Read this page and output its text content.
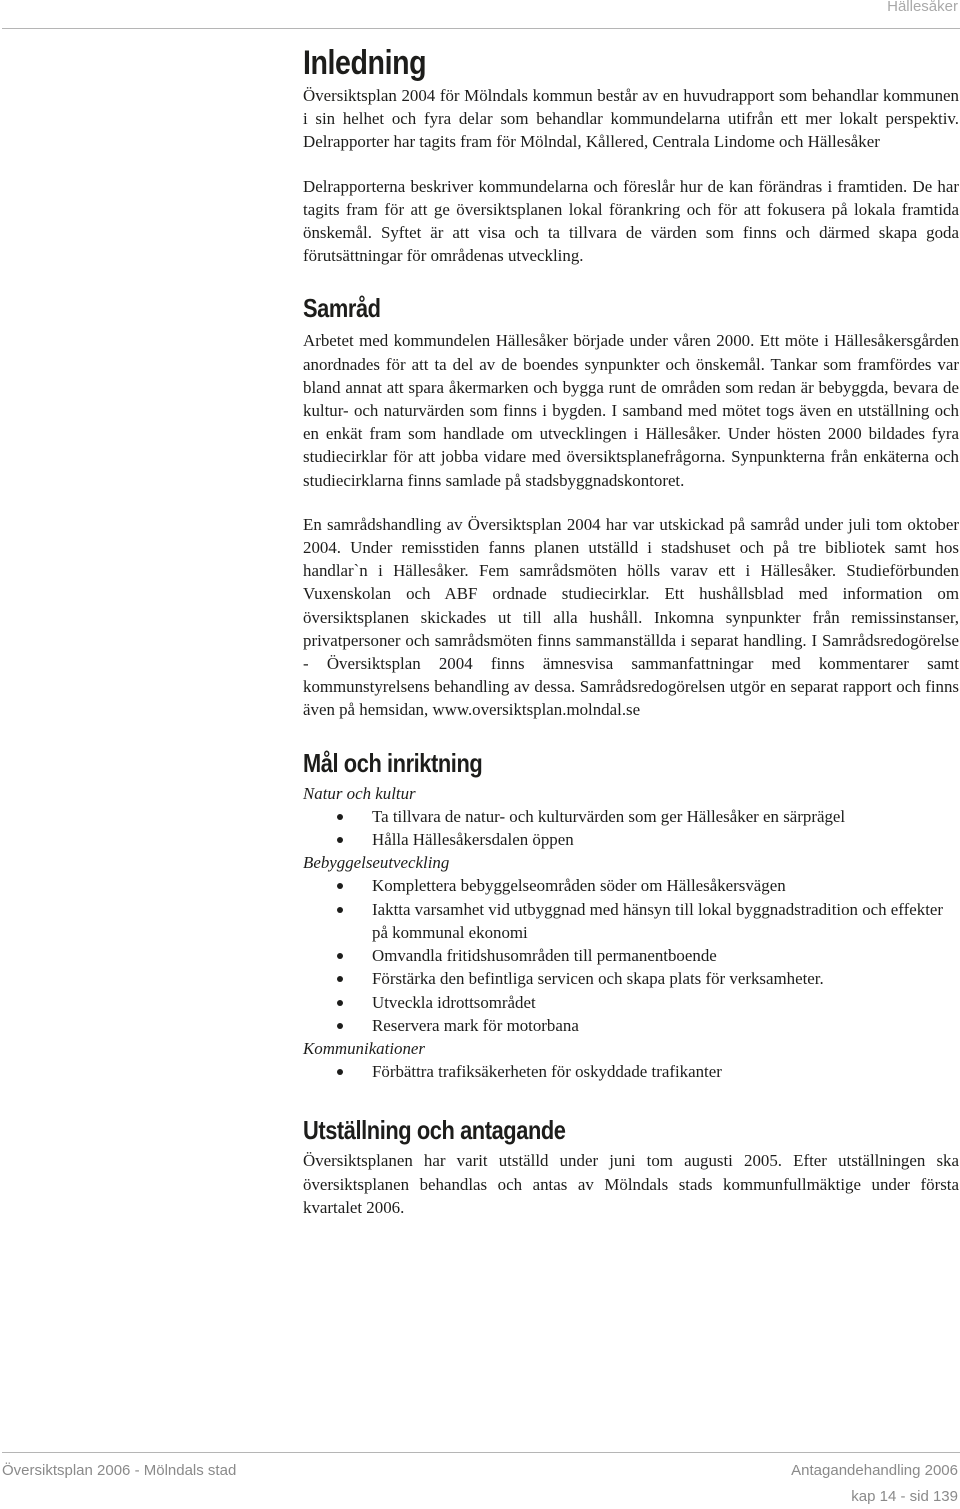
Hällesåker
Inledning

Översiktsplan 2004 för Mölndals kommun består av en huvudrapport som behandlar kommunen i sin helhet och fyra delar som behandlar kommundelarna utifrån ett mer lokalt perspektiv. Delrapporter har tagits fram för Mölndal, Kållered, Centrala Lindome och Hällesåker

Delrapporterna beskriver kommundelarna och föreslår hur de kan förändras i framtiden. De har tagits fram för att ge översiktsplanen lokal förankring och för att fokusera på lokala framtida önskemål. Syftet är att visa och ta tillvara de värden som finns och därmed skapa goda förutsättningar för områdenas utveckling.

Samråd

Arbetet med kommundelen Hällesåker började under våren 2000. Ett möte i Hällesåkersgården anordnades för att ta del av de boendes synpunkter och önskemål. Tankar som framfördes var bland annat att spara åkermarken och bygga runt de områden som redan är bebyggda, bevara de kultur- och naturvärden som finns i bygden. I samband med mötet togs även en utställning och en enkät fram som handlade om utvecklingen i Hällesåker. Under hösten 2000 bildades fyra studiecirklar för att jobba vidare med översiktsplanefrågorna. Synpunkterna från enkäterna och studiecirklarna finns samlade på stadsbyggnadskontoret.

En samrådshandling av Översiktsplan 2004 har var utskickad på samråd under juli tom oktober 2004. Under remisstiden fanns planen utställd i stadshuset och på tre bibliotek samt hos handlar`n i Hällesåker. Fem samrådsmöten hölls varav ett i Hällesåker. Studieförbunden Vuxenskolan och ABF ordnade studiecirklar. Ett hushållsblad med information om översiktsplanen skickades ut till alla hushåll. Inkomna synpunkter från remissinstanser, privatpersoner och samrådsmöten finns sammanställda i separat handling. I Samrådsredogörelse - Översiktsplan 2004 finns ämnesvisa sammanfattningar med kommentarer samt kommunstyrelsens behandling av dessa. Samrådsredogörelsen utgör en separat rapport och finns även på hemsidan, www.oversiktsplan.molndal.se

Mål och inriktning
Natur och kultur
Ta tillvara de natur- och kulturvärden som ger Hällesåker en särprägel
Hålla Hällesåkersdalen öppen
Bebyggelseutveckling
Komplettera bebyggelseområden söder om Hällesåkersvägen
Iaktta varsamhet vid utbyggnad med hänsyn till lokal byggnadstradition och effekter på kommunal ekonomi
Omvandla fritidshusområden till permanentboende
Förstärka den befintliga servicen och skapa plats för verksamheter.
Utveckla idrottsområdet
Reservera mark för motorbana
Kommunikationer
Förbättra trafiksäkerheten för oskyddade trafikanter
Utställning och antagande

Översiktsplanen har varit utställd under juni tom augusti 2005. Efter utställningen ska översiktsplanen behandlas och antas av Mölndals stads kommunfullmäktige under första kvartalet 2006.

Översiktsplan 2006 - Mölndals stad	Antagandehandling 2006
kap 14 - sid 139
